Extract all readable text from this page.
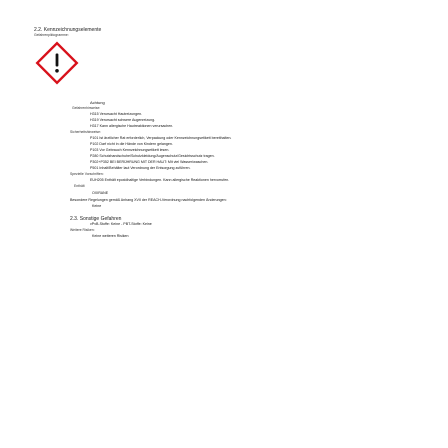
2.2. Kennzeichnungselemente
Gefahrenpiktogramme:
Achtung
Gefahrenhinweise:
H315 Verursacht Hautreizungen.
H319 Verursacht schwere Augenreizung.
H317 Kann allergische Hautreaktionen verursachen.
Sicherheitshinweise:
P101 Ist ärztlicher Rat erforderlich, Verpackung oder Kennzeichnungsetikett bereithalten.
P102 Darf nicht in die Hände von Kindern gelangen.
P103 Vor Gebrauch Kennzeichnungsetikett lesen.
P280 Schutzhandschuhe/Schutzkleidung/Augenschutz/Gesichtsschutz tragen.
P302+P352 BEI BERÜHRUNG MIT DER HAUT: Mit viel Wasser/waschen.
P501 Inhalt/Behälter laut Verordnung der Entsorgung zuführen.
Spezielle Vorschriften:
EUH205 Enthält epoxidhaltige Verbindungen. Kann allergische Reaktionen hervorrufen.
Enthält
OXIRANE
Besondere Regelungen gemäß Anhang XVII der REACH-Verordnung nachfolgenden Änderungen:
Keine
2.3. Sonstige Gefahren
vPvB-Stoffe: Keine - PBT-Stoffe: Keine
Weitere Risiken:
Keine weiteren Risiken
